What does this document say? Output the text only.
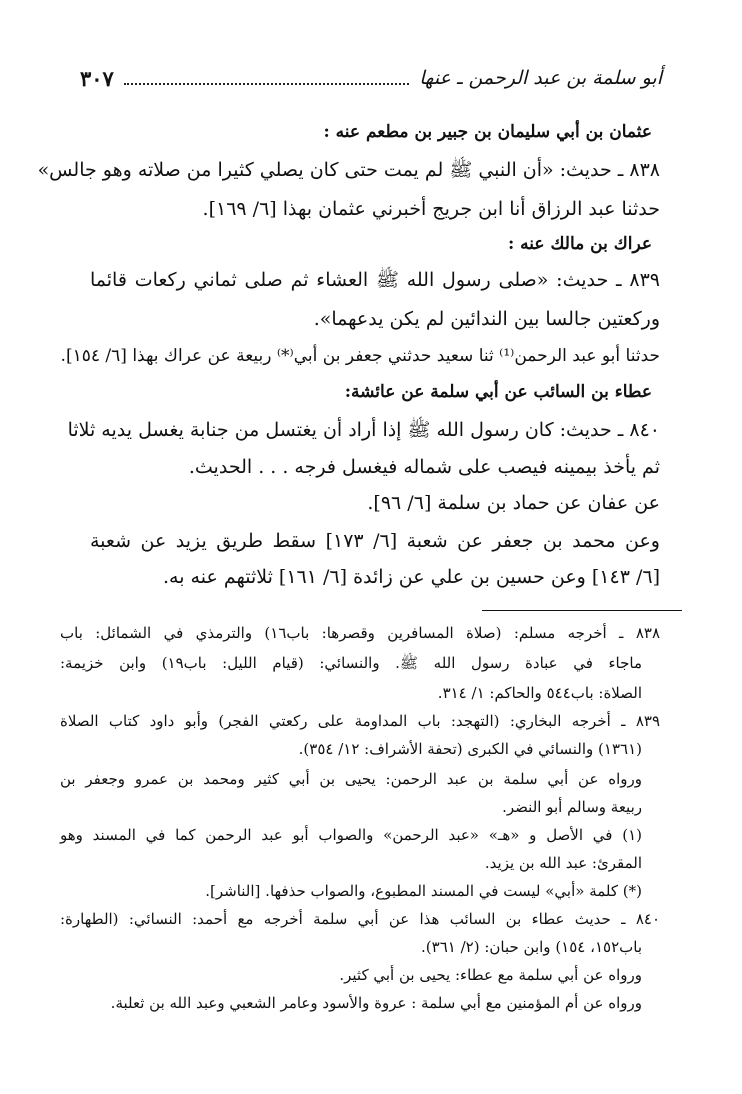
أبو سلمة بن عبد الرحمن ـ عنها
٣٠٧
عثمان بن أبي سليمان بن جبير بن مطعم عنه :
٨٣٨ ـ حديث: «أن النبي ﷺ لم يمت حتى كان يصلي كثيرا من صلاته وهو جالس»
حدثنا عبد الرزاق أنا ابن جريج أخبرني عثمان بهذا [٦/ ١٦٩].
عراك بن مالك عنه :
٨٣٩ ـ حديث: «صلى رسول الله ﷺ العشاء ثم صلى ثماني ركعات قائما
وركعتين جالسا بين الندائين لم يكن يدعهما».
حدثنا أبو عبد الرحمن⁽¹⁾ ثنا سعيد حدثني جعفر بن أبي⁽*⁾ ربيعة عن عراك بهذا [٦/ ١٥٤].
عطاء بن السائب عن أبي سلمة عن عائشة:
٨٤٠ ـ حديث: كان رسول الله ﷺ إذا أراد أن يغتسل من جنابة يغسل يديه ثلاثا
ثم يأخذ بيمينه فيصب على شماله فيغسل فرجه . . . الحديث.
عن عفان عن حماد بن سلمة [٦/ ٩٦].
وعن محمد بن جعفر عن شعبة [٦/ ١٧٣] سقط طريق يزيد عن شعبة
[٦/ ١٤٣] وعن حسين بن علي عن زائدة [٦/ ١٦١] ثلاثتهم عنه به.
٨٣٨ ـ أخرجه مسلم: (صلاة المسافرين وقصرها: باب١٦) والترمذي في الشمائل: باب
ماجاء في عبادة رسول الله ﷺ. والنسائي: (قيام الليل: باب١٩) وابن خزيمة:
الصلاة: باب٥٤٤ والحاكم: ١/ ٣١٤.
٨٣٩ ـ أخرجه البخاري: (التهجد: باب المداومة على ركعتي الفجر) وأبو داود كتاب الصلاة
(١٣٦١) والنسائي في الكبرى (تحفة الأشراف: ١٢/ ٣٥٤).
ورواه عن أبي سلمة بن عبد الرحمن: يحيى بن أبي كثير ومحمد بن عمرو وجعفر بن
ربيعة وسالم أبو النضر.
(١) في الأصل و «هـ» «عبد الرحمن» والصواب أبو عبد الرحمن كما في المسند وهو
المقرئ: عبد الله بن يزيد.
(*) كلمة «أبي» ليست في المسند المطبوع، والصواب حذفها. [الناشر].
٨٤٠ ـ حديث عطاء بن السائب هذا عن أبي سلمة أخرجه مع أحمد: النسائي: (الطهارة:
باب١٥٢، ١٥٤) وابن حبان: (٢/ ٣٦١).
ورواه عن أبي سلمة مع عطاء: يحيى بن أبي كثير.
ورواه عن أم المؤمنين مع أبي سلمة : عروة والأسود وعامر الشعبي وعبد الله بن ثعلبة.
